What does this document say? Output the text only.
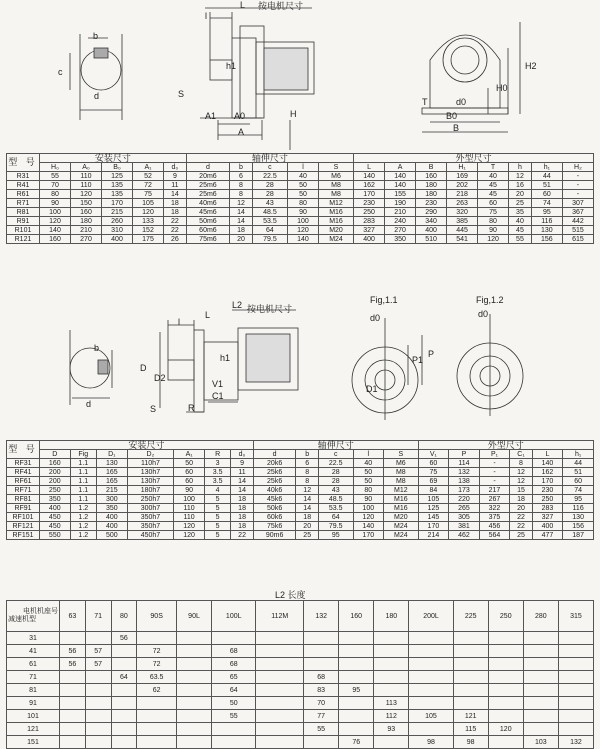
按电机尺寸
L
l
A1 A0
A
h1
H
S
c
b
d
H0
H2
d0
T
B0
B
型 号	安装尺寸					轴伸尺寸					外型尺寸							
	H₀	A₀	B₀	A₁	d₀	d	b	c	l	S	L	A	B	H₁	T	h	h₁	H₂
R31	55	110	125	52	9	20m6	6	22.5	40	M6	140	140	160	169	40	12	44	-
R41	70	110	135	72	11	25m6	8	28	50	M8	162	140	180	202	45	16	51	-
R61	80	120	135	75	14	25m6	8	28	50	M8	170	155	180	218	45	20	60	-
R71	90	150	170	105	18	40m6	12	43	80	M12	230	190	230	263	60	25	74	307
R81	100	160	215	120	18	45m6	14	48.5	90	M16	250	210	290	320	75	35	95	367
R91	120	180	260	133	22	50m6	14	53.5	100	M16	283	240	340	385	80	40	116	442
R101	140	210	310	152	22	60m6	18	64	120	M20	327	270	400	445	90	45	130	515
R121	160	270	400	175	26	75m6	20	79.5	140	M24	400	350	510	541	120	55	156	615
按电机尺寸
L
L2
l
D
D2
h1
V1
C1
R
S
b
d
Fig,1.1	Fig,1.2
d0
P
P1
D1
d0
型 号	安装尺寸							轴伸尺寸					外型尺寸					
	D	Fig	D₁	D₂	A₁	R	d₀	d	b	c	l	S	V₁	P	P₁	C₁	L	h₁
RF31	160	1.1	130	110h7	50	3	9	20k6	6	22.5	40	M6	60	114	-	8	140	44
RF41	200	1.1	165	130h7	60	3.5	11	25k6	8	28	50	M8	75	132	-	12	162	51
RF61	200	1.1	165	130h7	60	3.5	14	25k6	8	28	50	M8	69	138	-	12	170	60
RF71	250	1.1	215	180h7	90	4	14	40k6	12	43	80	M12	84	173	217	15	230	74
RF81	350	1.1	300	250h7	100	5	18	45k6	14	48.5	90	M16	105	220	267	18	250	95
RF91	400	1.2	350	300h7	110	5	18	50k6	14	53.5	100	M16	125	265	322	20	283	116
RF101	450	1.2	400	350h7	110	5	18	60k6	18	64	120	M20	145	305	375	22	327	130
RF121	450	1.2	400	350h7	120	5	18	75k6	20	79.5	140	M24	170	381	456	22	400	156
RF151	550	1.2	500	450h7	120	5	22	90m6	25	95	170	M24	214	462	564	25	477	187
L2 长度
电机机座号
减速机型	63	71	80	90S	90L	100L	112M	132	160	180	200L	225	250	280	315
31			56												
41	56	57		72		68									
61	56	57		72		68									
71			64	63.5		65		68							
81				62		64		83	95						
91						50		70		113					
101						55		77		112	105	121			
121								55		93		115	120		
151									76		98	98		103	132
